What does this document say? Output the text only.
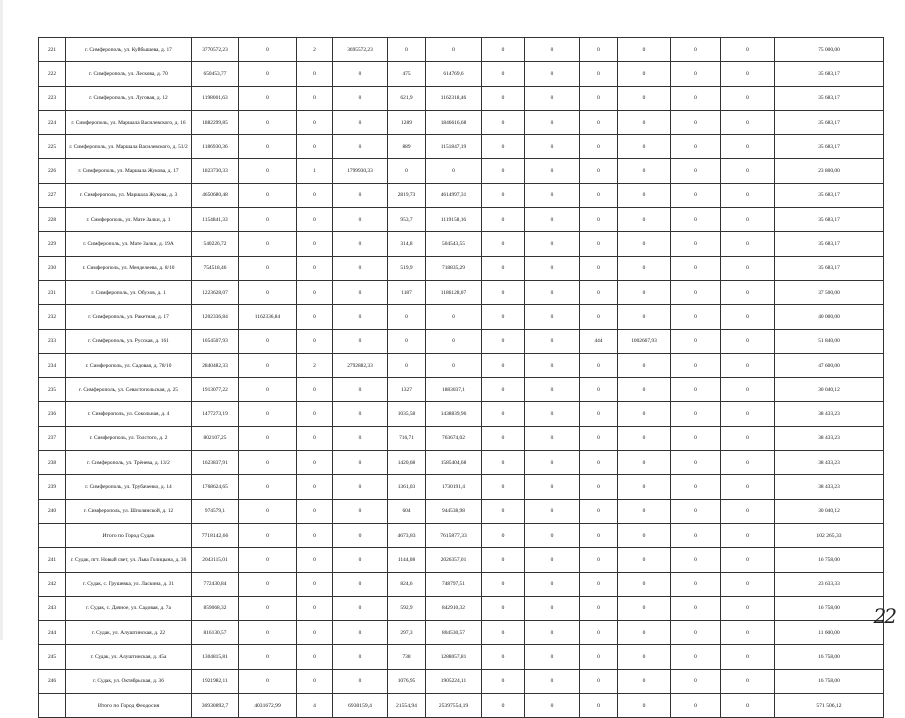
221	г. Симферополь, ул. Куйбышева, д. 17	3770572,23	0	2	3695572,23	0	0	0	0	0	0	0	0	75 000,00
222	г. Симферополь, ул. Лескова, д. 70	650453,77	0	0	0	475	614769,6	0	0	0	0	0	0	35 683,17
223	г. Симферополь, ул. Луговая, д. 12	1198001,63	0	0	0	621,9	1162318,46	0	0	0	0	0	0	35 683,17
224	г. Симферополь, ул. Маршала Василевского, д. 16	1882299,85	0	0	0	1289	1846616,68	0	0	0	0	0	0	35 683,17
225	г. Симферополь, ул. Маршала Василевского, д. 51/2	1186930,36	0	0	0	889	1151847,19	0	0	0	0	0	0	35 683,17
226	г. Симферополь, ул. Маршала Жукова, д. 17	1823730,33	0	1	1799930,33	0	0	0	0	0	0	0	0	23 800,00
227	г. Симферополь, ул. Маршала Жукова, д. 3	4650680,48	0	0	0	2819,73	4614997,31	0	0	0	0	0	0	35 683,17
228	г. Симферополь, ул. Мате Залки, д. 1	1154841,33	0	0	0	953,7	1119158,16	0	0	0	0	0	0	35 683,17
229	г. Симферополь, ул. Мате Залки, д. 19А	540226,72	0	0	0	314,8	504543,55	0	0	0	0	0	0	35 683,17
230	г. Симферополь, ул. Менделеева, д. 8/10	754518,46	0	0	0	519,9	718835,29	0	0	0	0	0	0	35 683,17
231	г. Симферополь, ул. Обухов, д. 1	1223628,07	0	0	0	1187	1186128,07	0	0	0	0	0	0	37 500,00
232	г. Симферополь, ул. Ракетная, д. 17	1202336,84	1162336,84	0	0	0	0	0	0	0	0	0	0	40 000,00
233	г. Симферополь, ул. Русская, д. 161	1054507,93	0	0	0	0	0	0	0	444	1002667,93	0	0	51 840,00
234	г. Симферополь, ул. Садовая, д. 78/10	2840482,33	0	2	2792882,33	0	0	0	0	0	0	0	0	47 600,00
235	г. Симферополь, ул. Севастопольская, д. 25	1913077,22	0	0	0	1327	1883037,1	0	0	0	0	0	0	30 040,12
236	г. Симферополь, ул. Сокольная, д. 4	1477273,19	0	0	0	1035,58	1438839,96	0	0	0	0	0	0	38 433,23
237	г. Симферополь, ул. Толстого, д. 2	802107,25	0	0	0	716,71	763674,02	0	0	0	0	0	0	38 433,23
238	г. Симферополь, ул. Трёнева, д. 13/2	1623837,91	0	0	0	1420,68	1585404,68	0	0	0	0	0	0	38 433,23
239	г. Симферополь, ул. Трубаченко, д. 14	1768624,65	0	0	0	1361,03	1730191,4	0	0	0	0	0	0	38 433,23
240	г. Симферополь, ул. Шполянской, д. 12	974579,1	0	0	0	604	944538,98	0	0	0	0	0	0	30 040,12
	Итого по Город Судак	7718142,66	0	0	0	4673,83	7615877,33	0	0	0	0	0	0	102 265,33
241	г. Судак, пгт. Новый свет, ул. Льва Голицына, д. 36	2043115,01	0	0	0	1144,08	2026357,01	0	0	0	0	0	0	16 758,00
242	г. Судак, с. Грушевка, ул. Ласкина, д. 31	772430,84	0	0	0	824,6	748797,51	0	0	0	0	0	0	23 633,33
243	г. Судак, с. Дачное, ул. Садовая, д. 7а	859068,32	0	0	0	592,9	842910,32	0	0	0	0	0	0	16 758,00
244	г. Судак, ул. Алуштинская, д. 22	816130,57	0	0	0	297,3	804530,57	0	0	0	0	0	0	11 600,00
245	г. Судак, ул. Алуштинская, д. 45а	1304815,81	0	0	0	738	1288057,81	0	0	0	0	0	0	16 758,00
246	г. Судак, ул. Октябрьская, д. 36	1921982,11	0	0	0	1076,95	1905224,11	0	0	0	0	0	0	16 758,00
	Итого по Город Феодосия	36930892,7	4031672,99	4	6930159,4	21554,94	25397554,19	0	0	0	0	0	0	571 506,12
22
